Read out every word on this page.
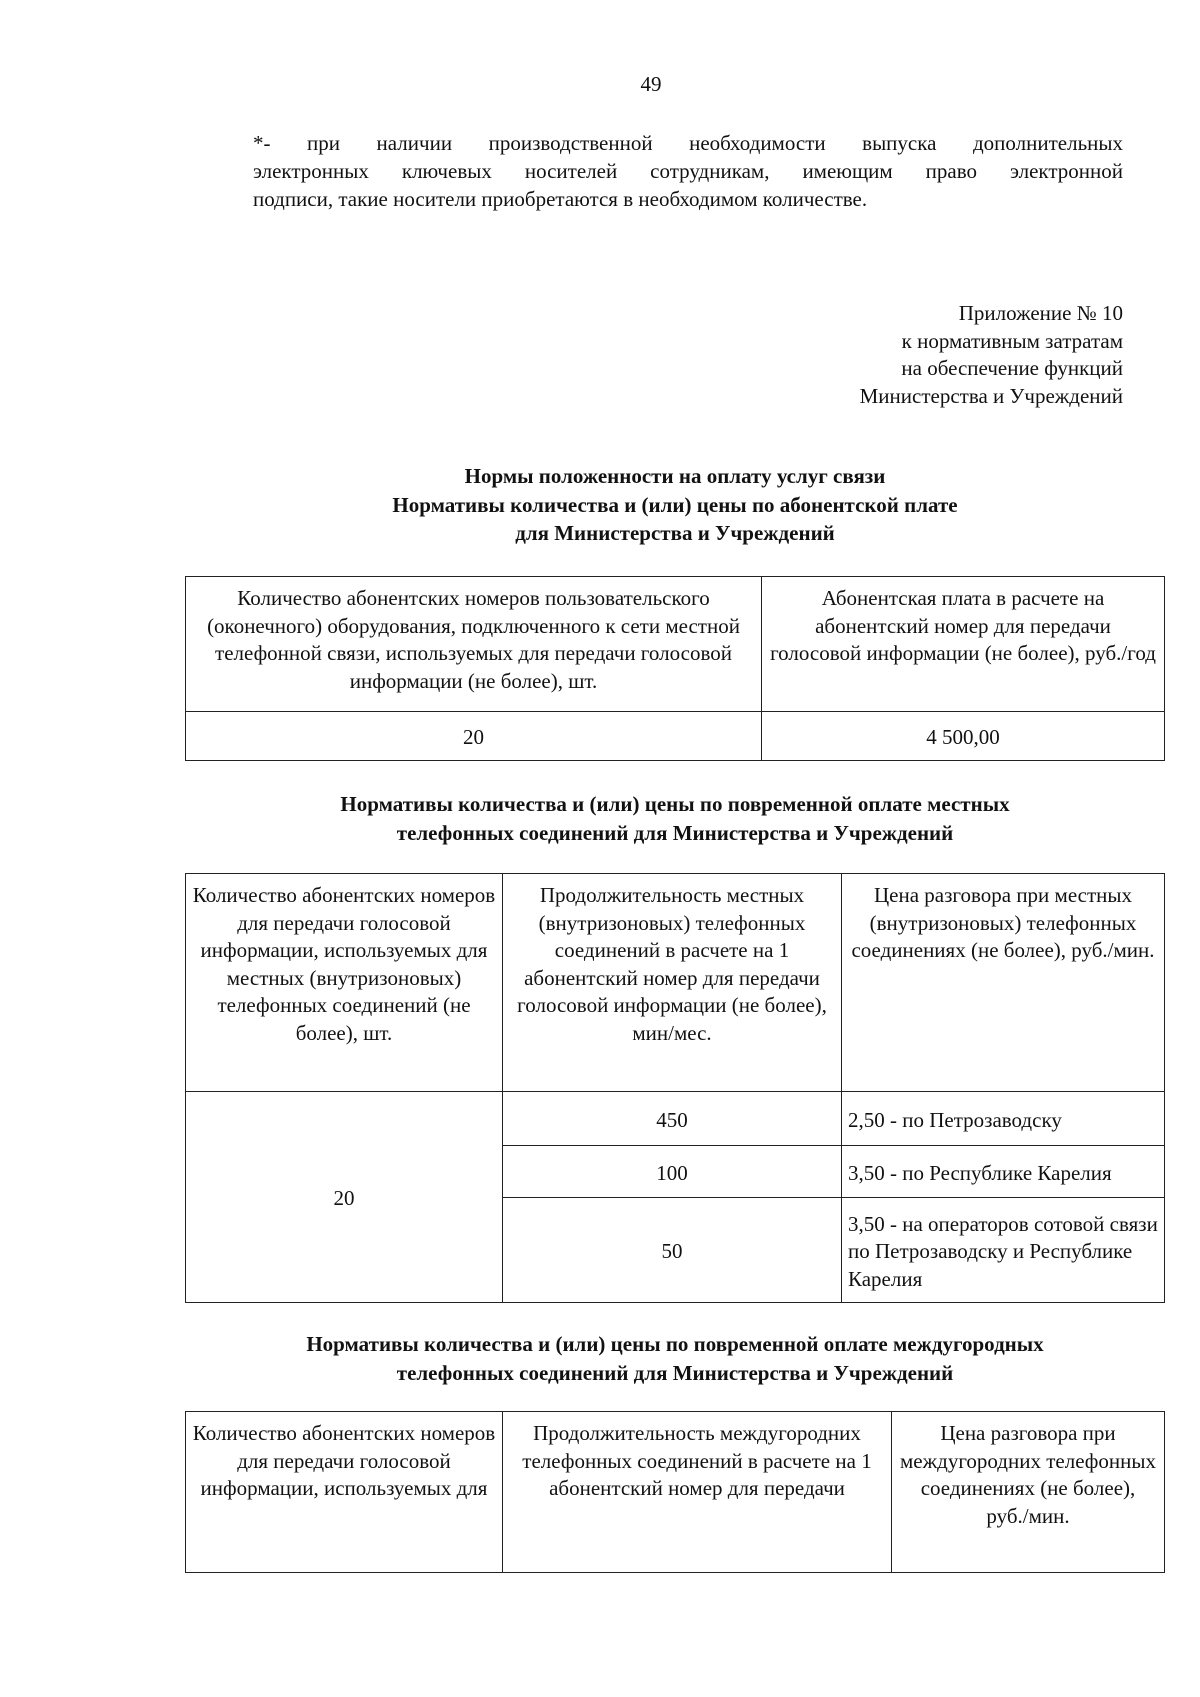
49
*- при наличии производственной необходимости выпуска дополнительных
электронных ключевых носителей сотрудникам, имеющим право электронной
подписи, такие носители приобретаются в необходимом количестве.
Приложение № 10
к нормативным затратам
на обеспечение функций
Министерства и Учреждений
Нормы положенности на оплату услуг связи
Нормативы количества и (или) цены по абонентской плате
для Министерства и Учреждений
Количество абонентских номеров пользовательского (оконечного) оборудования, подключенного к сети местной телефонной связи, используемых для передачи голосовой информации (не более), шт.	Абонентская плата в расчете на абонентский номер для передачи голосовой информации (не более), руб./год
20	4 500,00
Нормативы количества и (или) цены по повременной оплате местных
телефонных соединений для Министерства и Учреждений
Количество абонентских номеров для передачи голосовой информации, используемых для местных (внутризоновых) телефонных соединений (не более), шт.	Продолжительность местных (внутризоновых) телефонных соединений в расчете на 1 абонентский номер для передачи голосовой информации (не более), мин/мес.	Цена разговора при местных (внутризоновых) телефонных соединениях (не более), руб./мин.
20	450	2,50 - по Петрозаводску
	100	3,50 - по Республике Карелия
	50	3,50 - на операторов сотовой связи по Петрозаводску и Республике Карелия
Нормативы количества и (или) цены по повременной оплате междугородных
телефонных соединений для Министерства и Учреждений
Количество абонентских номеров для передачи голосовой информации, используемых для	Продолжительность междугородних телефонных соединений в расчете на 1 абонентский номер для передачи	Цена разговора при междугородних телефонных соединениях (не более), руб./мин.
